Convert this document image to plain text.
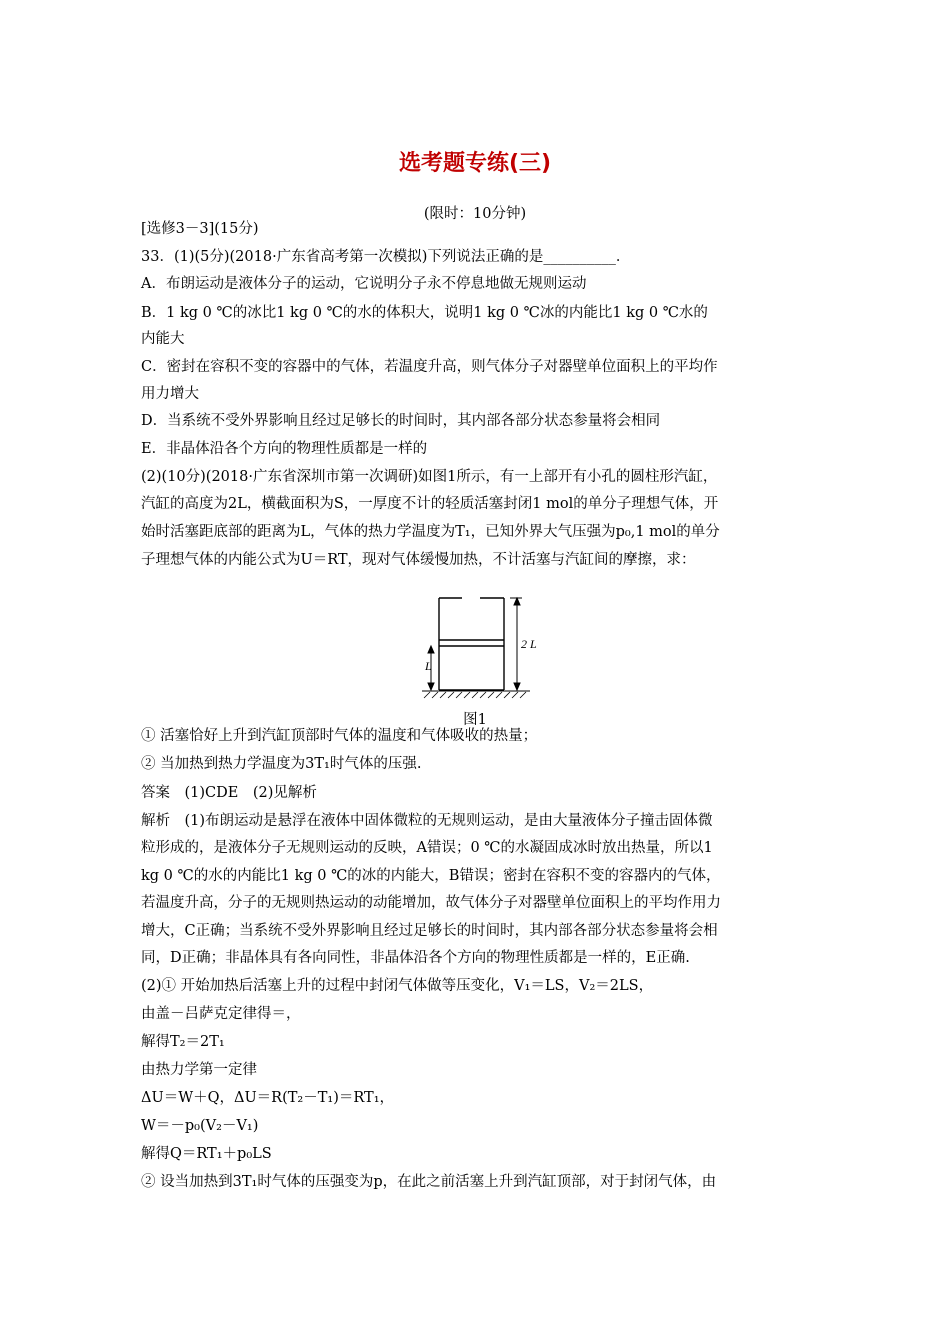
选考题专练(三)
(限时：10分钟)
[选修3－3](15分)
33．(1)(5分)(2018·广东省高考第一次模拟)下列说法正确的是__________．
A．布朗运动是液体分子的运动，它说明分子永不停息地做无规则运动
B．1 kg 0 ℃的冰比1 kg 0 ℃的水的体积大，说明1 kg 0 ℃冰的内能比1 kg 0 ℃水的
内能大
C．密封在容积不变的容器中的气体，若温度升高，则气体分子对器壁单位面积上的平均作
用力增大
D．当系统不受外界影响且经过足够长的时间时，其内部各部分状态参量将会相同
E．非晶体沿各个方向的物理性质都是一样的
(2)(10分)(2018·广东省深圳市第一次调研)如图1所示，有一上部开有小孔的圆柱形汽缸，
汽缸的高度为2L，横截面积为S，一厚度不计的轻质活塞封闭1 mol的单分子理想气体，开
始时活塞距底部的距离为L，气体的热力学温度为T₁，已知外界大气压强为p₀,1 mol的单分
子理想气体的内能公式为U＝RT，现对气体缓慢加热，不计活塞与汽缸间的摩擦，求：
① 活塞恰好上升到汽缸顶部时气体的温度和气体吸收的热量；
② 当加热到热力学温度为3T₁时气体的压强.
答案　(1)CDE　(2)见解析
解析　(1)布朗运动是悬浮在液体中固体微粒的无规则运动，是由大量液体分子撞击固体微
粒形成的，是液体分子无规则运动的反映，A错误；0 ℃的水凝固成冰时放出热量，所以1
kg 0 ℃的水的内能比1 kg 0 ℃的冰的内能大，B错误；密封在容积不变的容器内的气体，
若温度升高，分子的无规则热运动的动能增加，故气体分子对器壁单位面积上的平均作用力
增大，C正确；当系统不受外界影响且经过足够长的时间时，其内部各部分状态参量将会相
同，D正确；非晶体具有各向同性，非晶体沿各个方向的物理性质都是一样的，E正确.
(2)① 开始加热后活塞上升的过程中封闭气体做等压变化，V₁＝LS，V₂＝2LS，
由盖－吕萨克定律得＝，
解得T₂＝2T₁
由热力学第一定律
ΔU＝W＋Q，ΔU＝R(T₂－T₁)＝RT₁，
W＝－p₀(V₂－V₁)
解得Q＝RT₁＋p₀LS
② 设当加热到3T₁时气体的压强变为p，在此之前活塞上升到汽缸顶部，对于封闭气体，由
2 L
L
图1
